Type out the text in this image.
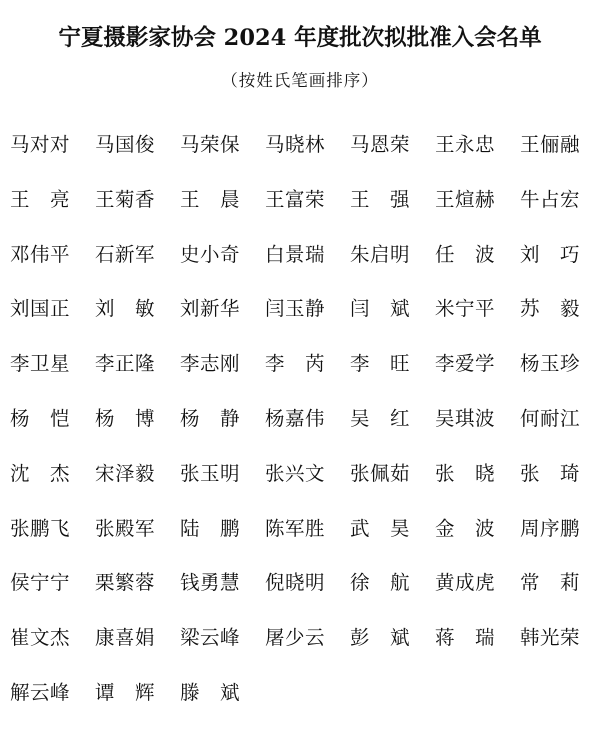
宁夏摄影家协会 2024 年度批次拟批准入会名单
（按姓氏笔画排序）
马对对	马国俊	马荣保	马晓林	马恩荣	王永忠	王俪融
王　亮	王菊香	王　晨	王富荣	王　强	王煊赫	牛占宏
邓伟平	石新军	史小奇	白景瑞	朱启明	任　波	刘　巧
刘国正	刘　敏	刘新华	闫玉静	闫　斌	米宁平	苏　毅
李卫星	李正隆	李志刚	李　芮	李　旺	李爱学	杨玉珍
杨　恺	杨　博	杨　静	杨嘉伟	吴　红	吴琪波	何耐江
沈　杰	宋泽毅	张玉明	张兴文	张佩茹	张　晓	张　琦
张鹏飞	张殿军	陆　鹏	陈军胜	武　昊	金　波	周序鹏
侯宁宁	栗繁蓉	钱勇慧	倪晓明	徐　航	黄成虎	常　莉
崔文杰	康喜娟	梁云峰	屠少云	彭　斌	蒋　瑞	韩光荣
解云峰	谭　辉	滕　斌
